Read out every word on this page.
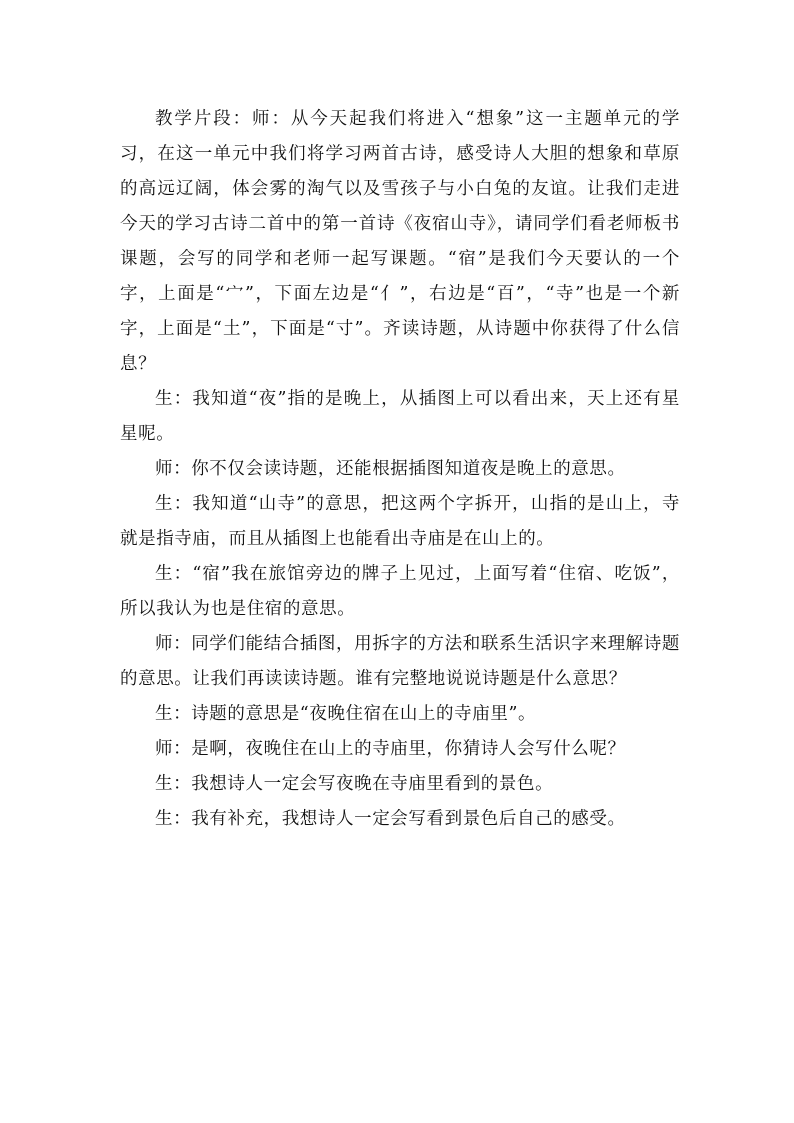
教学片段：师：从今天起我们将进入“想象”这一主题单元的学习，在这一单元中我们将学习两首古诗，感受诗人大胆的想象和草原的高远辽阔，体会雾的淘气以及雪孩子与小白兔的友谊。让我们走进今天的学习古诗二首中的第一首诗《夜宿山寺》，请同学们看老师板书课题，会写的同学和老师一起写课题。“宿”是我们今天要认的一个字，上面是“宀”，下面左边是“亻”，右边是“百”，“寺”也是一个新字，上面是“土”，下面是“寸”。齐读诗题，从诗题中你获得了什么信息？

生：我知道“夜”指的是晚上，从插图上可以看出来，天上还有星星呢。

师：你不仅会读诗题，还能根据插图知道夜是晚上的意思。

生：我知道“山寺”的意思，把这两个字拆开，山指的是山上，寺就是指寺庙，而且从插图上也能看出寺庙是在山上的。

生：“宿”我在旅馆旁边的牌子上见过，上面写着“住宿、吃饭”，所以我认为也是住宿的意思。

师：同学们能结合插图，用拆字的方法和联系生活识字来理解诗题的意思。让我们再读读诗题。谁有完整地说说诗题是什么意思？

生：诗题的意思是“夜晚住宿在山上的寺庙里”。

师：是啊，夜晚住在山上的寺庙里，你猜诗人会写什么呢？

生：我想诗人一定会写夜晚在寺庙里看到的景色。

生：我有补充，我想诗人一定会写看到景色后自己的感受。
